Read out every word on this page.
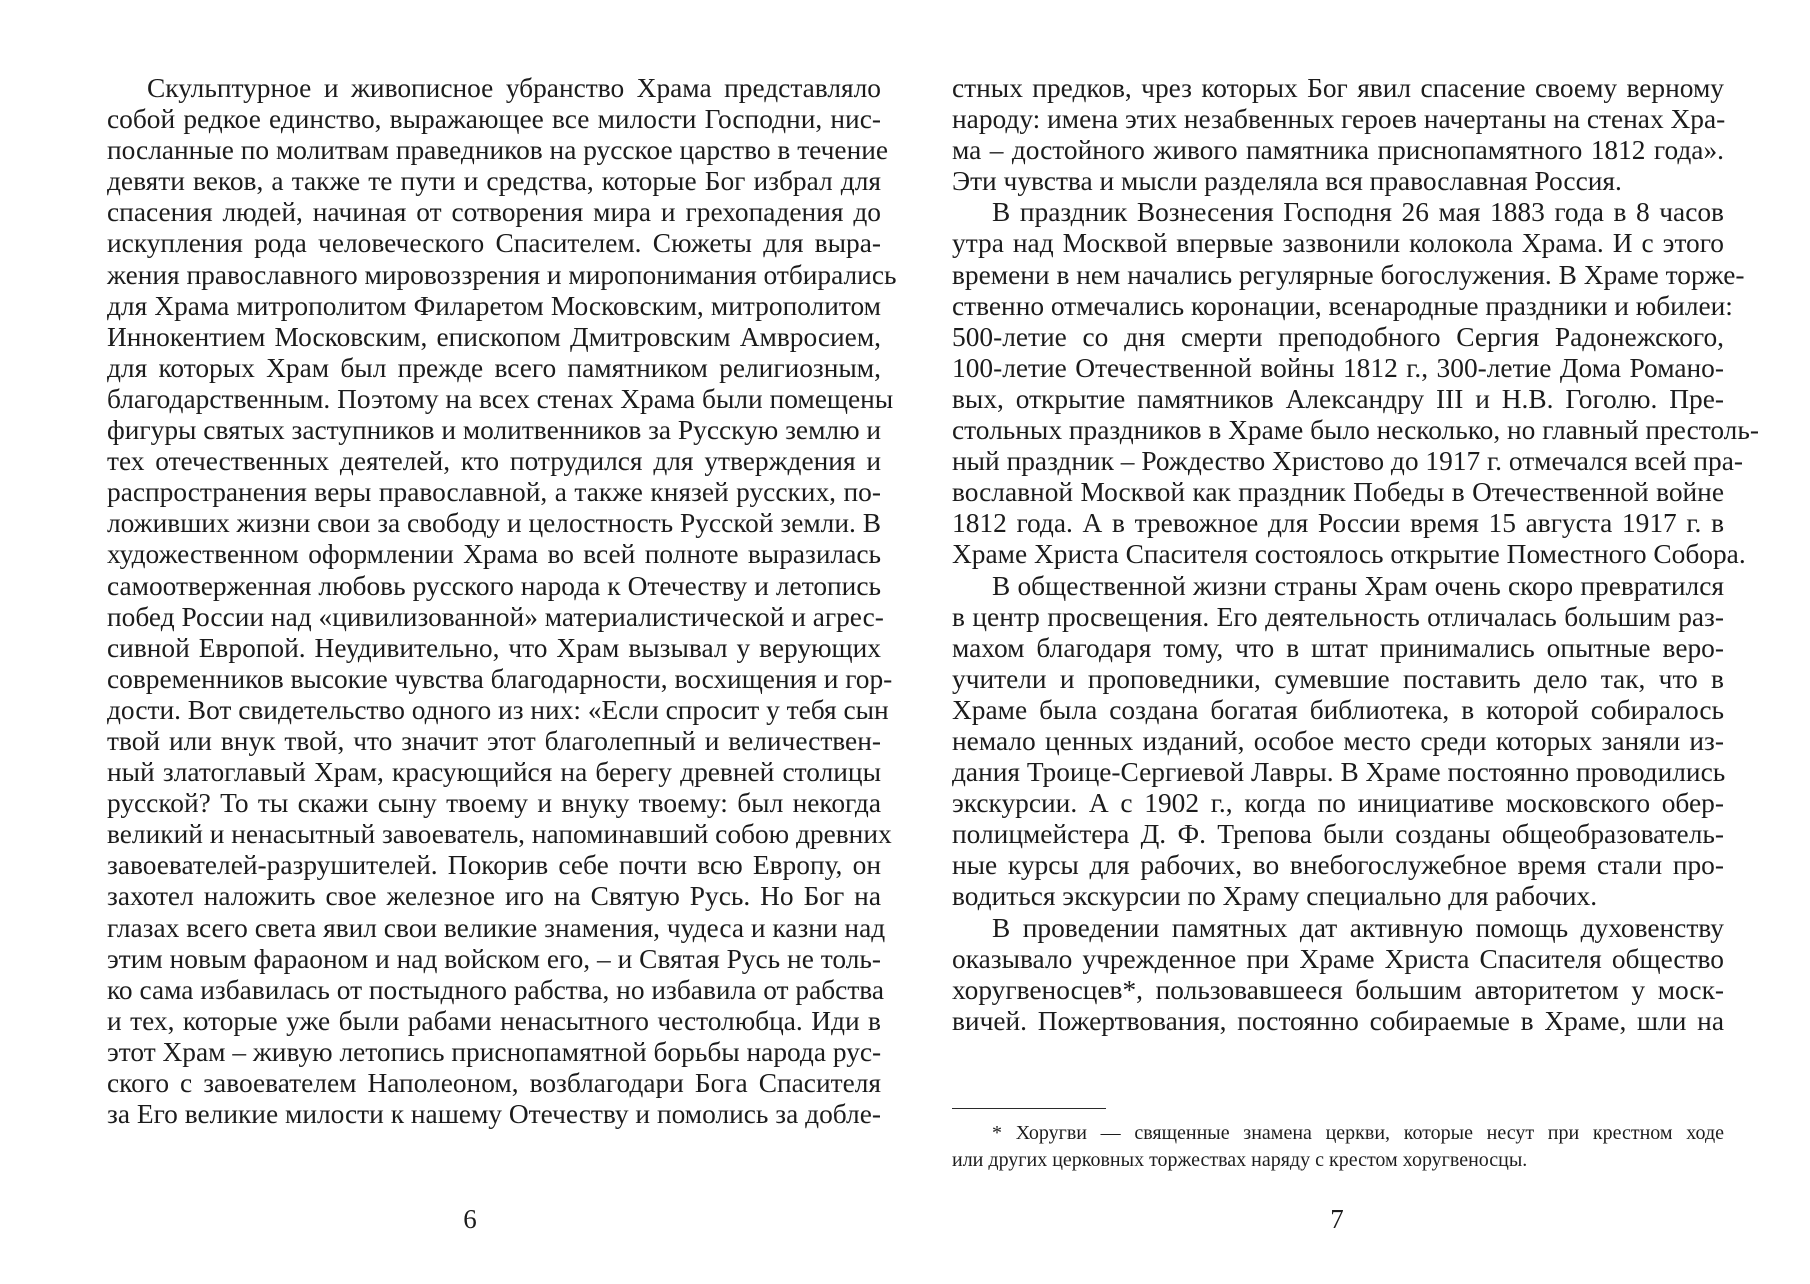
Скульптурное и живописное убранство Храма представляло
собой редкое единство, выражающее все милости Господни, нис-
посланные по молитвам праведников на русское царство в течение
девяти веков, а также те пути и средства, которые Бог избрал для
спасения людей, начиная от сотворения мира и грехопадения до
искупления рода человеческого Спасителем. Сюжеты для выра-
жения православного мировоззрения и миропонимания отбирались
для Храма митрополитом Филаретом Московским, митрополитом
Иннокентием Московским, епископом Дмитровским Амвросием,
для которых Храм был прежде всего памятником религиозным,
благодарственным. Поэтому на всех стенах Храма были помещены
фигуры святых заступников и молитвенников за Русскую землю и
тех отечественных деятелей, кто потрудился для утверждения и
распространения веры православной, а также князей русских, по-
ложивших жизни свои за свободу и целостность Русской земли. В
художественном оформлении Храма во всей полноте выразилась
самоотверженная любовь русского народа к Отечеству и летопись
побед России над «цивилизованной» материалистической и агрес-
сивной Европой. Неудивительно, что Храм вызывал у верующих
современников высокие чувства благодарности, восхищения и гор-
дости. Вот свидетельство одного из них: «Если спросит у тебя сын
твой или внук твой, что значит этот благолепный и величествен-
ный златоглавый Храм, красующийся на берегу древней столицы
русской? То ты скажи сыну твоему и внуку твоему: был некогда
великий и ненасытный завоеватель, напоминавший собою древних
завоевателей-разрушителей. Покорив себе почти всю Европу, он
захотел наложить свое железное иго на Святую Русь. Но Бог на
глазах всего света явил свои великие знамения, чудеса и казни над
этим новым фараоном и над войском его, – и Святая Русь не толь-
ко сама избавилась от постыдного рабства, но избавила от рабства
и тех, которые уже были рабами ненасытного честолюбца. Иди в
этот Храм – живую летопись приснопамятной борьбы народа рус-
ского с завоевателем Наполеоном, возблагодари Бога Спасителя
за Его великие милости к нашему Отечеству и помолись за добле-
6
стных предков, чрез которых Бог явил спасение своему верному
народу: имена этих незабвенных героев начертаны на стенах Хра-
ма – достойного живого памятника приснопамятного 1812 года».
Эти чувства и мысли разделяла вся православная Россия.
В праздник Вознесения Господня 26 мая 1883 года в 8 часов
утра над Москвой впервые зазвонили колокола Храма. И с этого
времени в нем начались регулярные богослужения. В Храме торже-
ственно отмечались коронации, всенародные праздники и юбилеи:
500-летие со дня смерти преподобного Сергия Радонежского,
100-летие Отечественной войны 1812 г., 300-летие Дома Романо-
вых, открытие памятников Александру III и Н.В. Гоголю. Пре-
стольных праздников в Храме было несколько, но главный престоль-
ный праздник – Рождество Христово до 1917 г. отмечался всей пра-
вославной Москвой как праздник Победы в Отечественной войне
1812 года. А в тревожное для России время 15 августа 1917 г. в
Храме Христа Спасителя состоялось открытие Поместного Собора.
В общественной жизни страны Храм очень скоро превратился
в центр просвещения. Его деятельность отличалась большим раз-
махом благодаря тому, что в штат принимались опытные веро-
учители и проповедники, сумевшие поставить дело так, что в
Храме была создана богатая библиотека, в которой собиралось
немало ценных изданий, особое место среди которых заняли из-
дания Троице-Сергиевой Лавры. В Храме постоянно проводились
экскурсии. А с 1902 г., когда по инициативе московского обер-
полицмейстера Д. Ф. Трепова были созданы общеобразователь-
ные курсы для рабочих, во внебогослужебное время стали про-
водиться экскурсии по Храму специально для рабочих.
В проведении памятных дат активную помощь духовенству
оказывало учрежденное при Храме Христа Спасителя общество
хоругвеносцев*, пользовавшееся большим авторитетом у моск-
вичей. Пожертвования, постоянно собираемые в Храме, шли на
* Хоругви — священные знамена церкви, которые несут при крестном ходе
или других церковных торжествах наряду с крестом хоругвеносцы.
7
